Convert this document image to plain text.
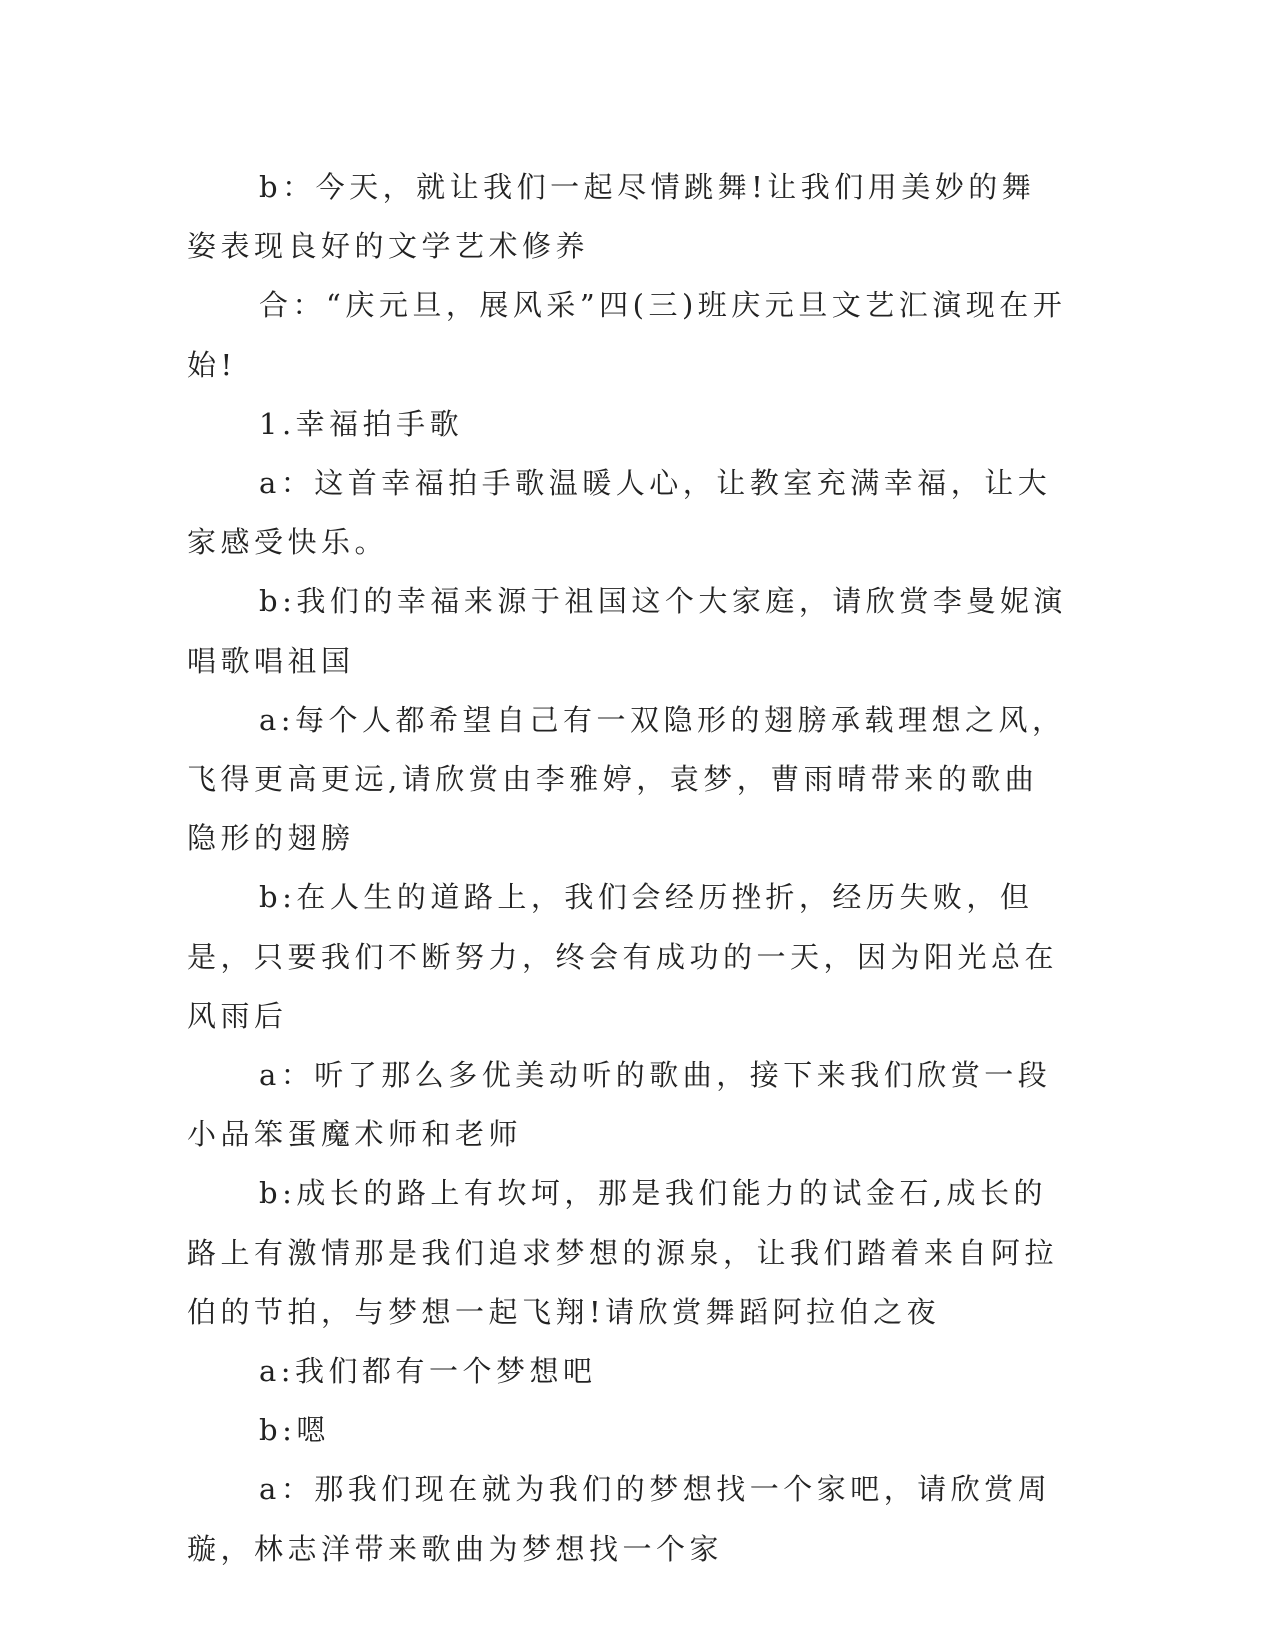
b：今天，就让我们一起尽情跳舞!让我们用美妙的舞姿表现良好的文学艺术修养

合：“庆元旦，展风采”四(三)班庆元旦文艺汇演现在开始!

1.幸福拍手歌

a：这首幸福拍手歌温暖人心，让教室充满幸福，让大家感受快乐。

b:我们的幸福来源于祖国这个大家庭，请欣赏李曼妮演唱歌唱祖国

a:每个人都希望自己有一双隐形的翅膀承载理想之风，飞得更高更远,请欣赏由李雅婷，袁梦，曹雨晴带来的歌曲隐形的翅膀

b:在人生的道路上，我们会经历挫折，经历失败，但是，只要我们不断努力，终会有成功的一天，因为阳光总在风雨后

a：听了那么多优美动听的歌曲，接下来我们欣赏一段小品笨蛋魔术师和老师

b:成长的路上有坎坷，那是我们能力的试金石,成长的路上有激情那是我们追求梦想的源泉，让我们踏着来自阿拉伯的节拍，与梦想一起飞翔!请欣赏舞蹈阿拉伯之夜

a:我们都有一个梦想吧

b:嗯

a：那我们现在就为我们的梦想找一个家吧，请欣赏周璇，林志洋带来歌曲为梦想找一个家
